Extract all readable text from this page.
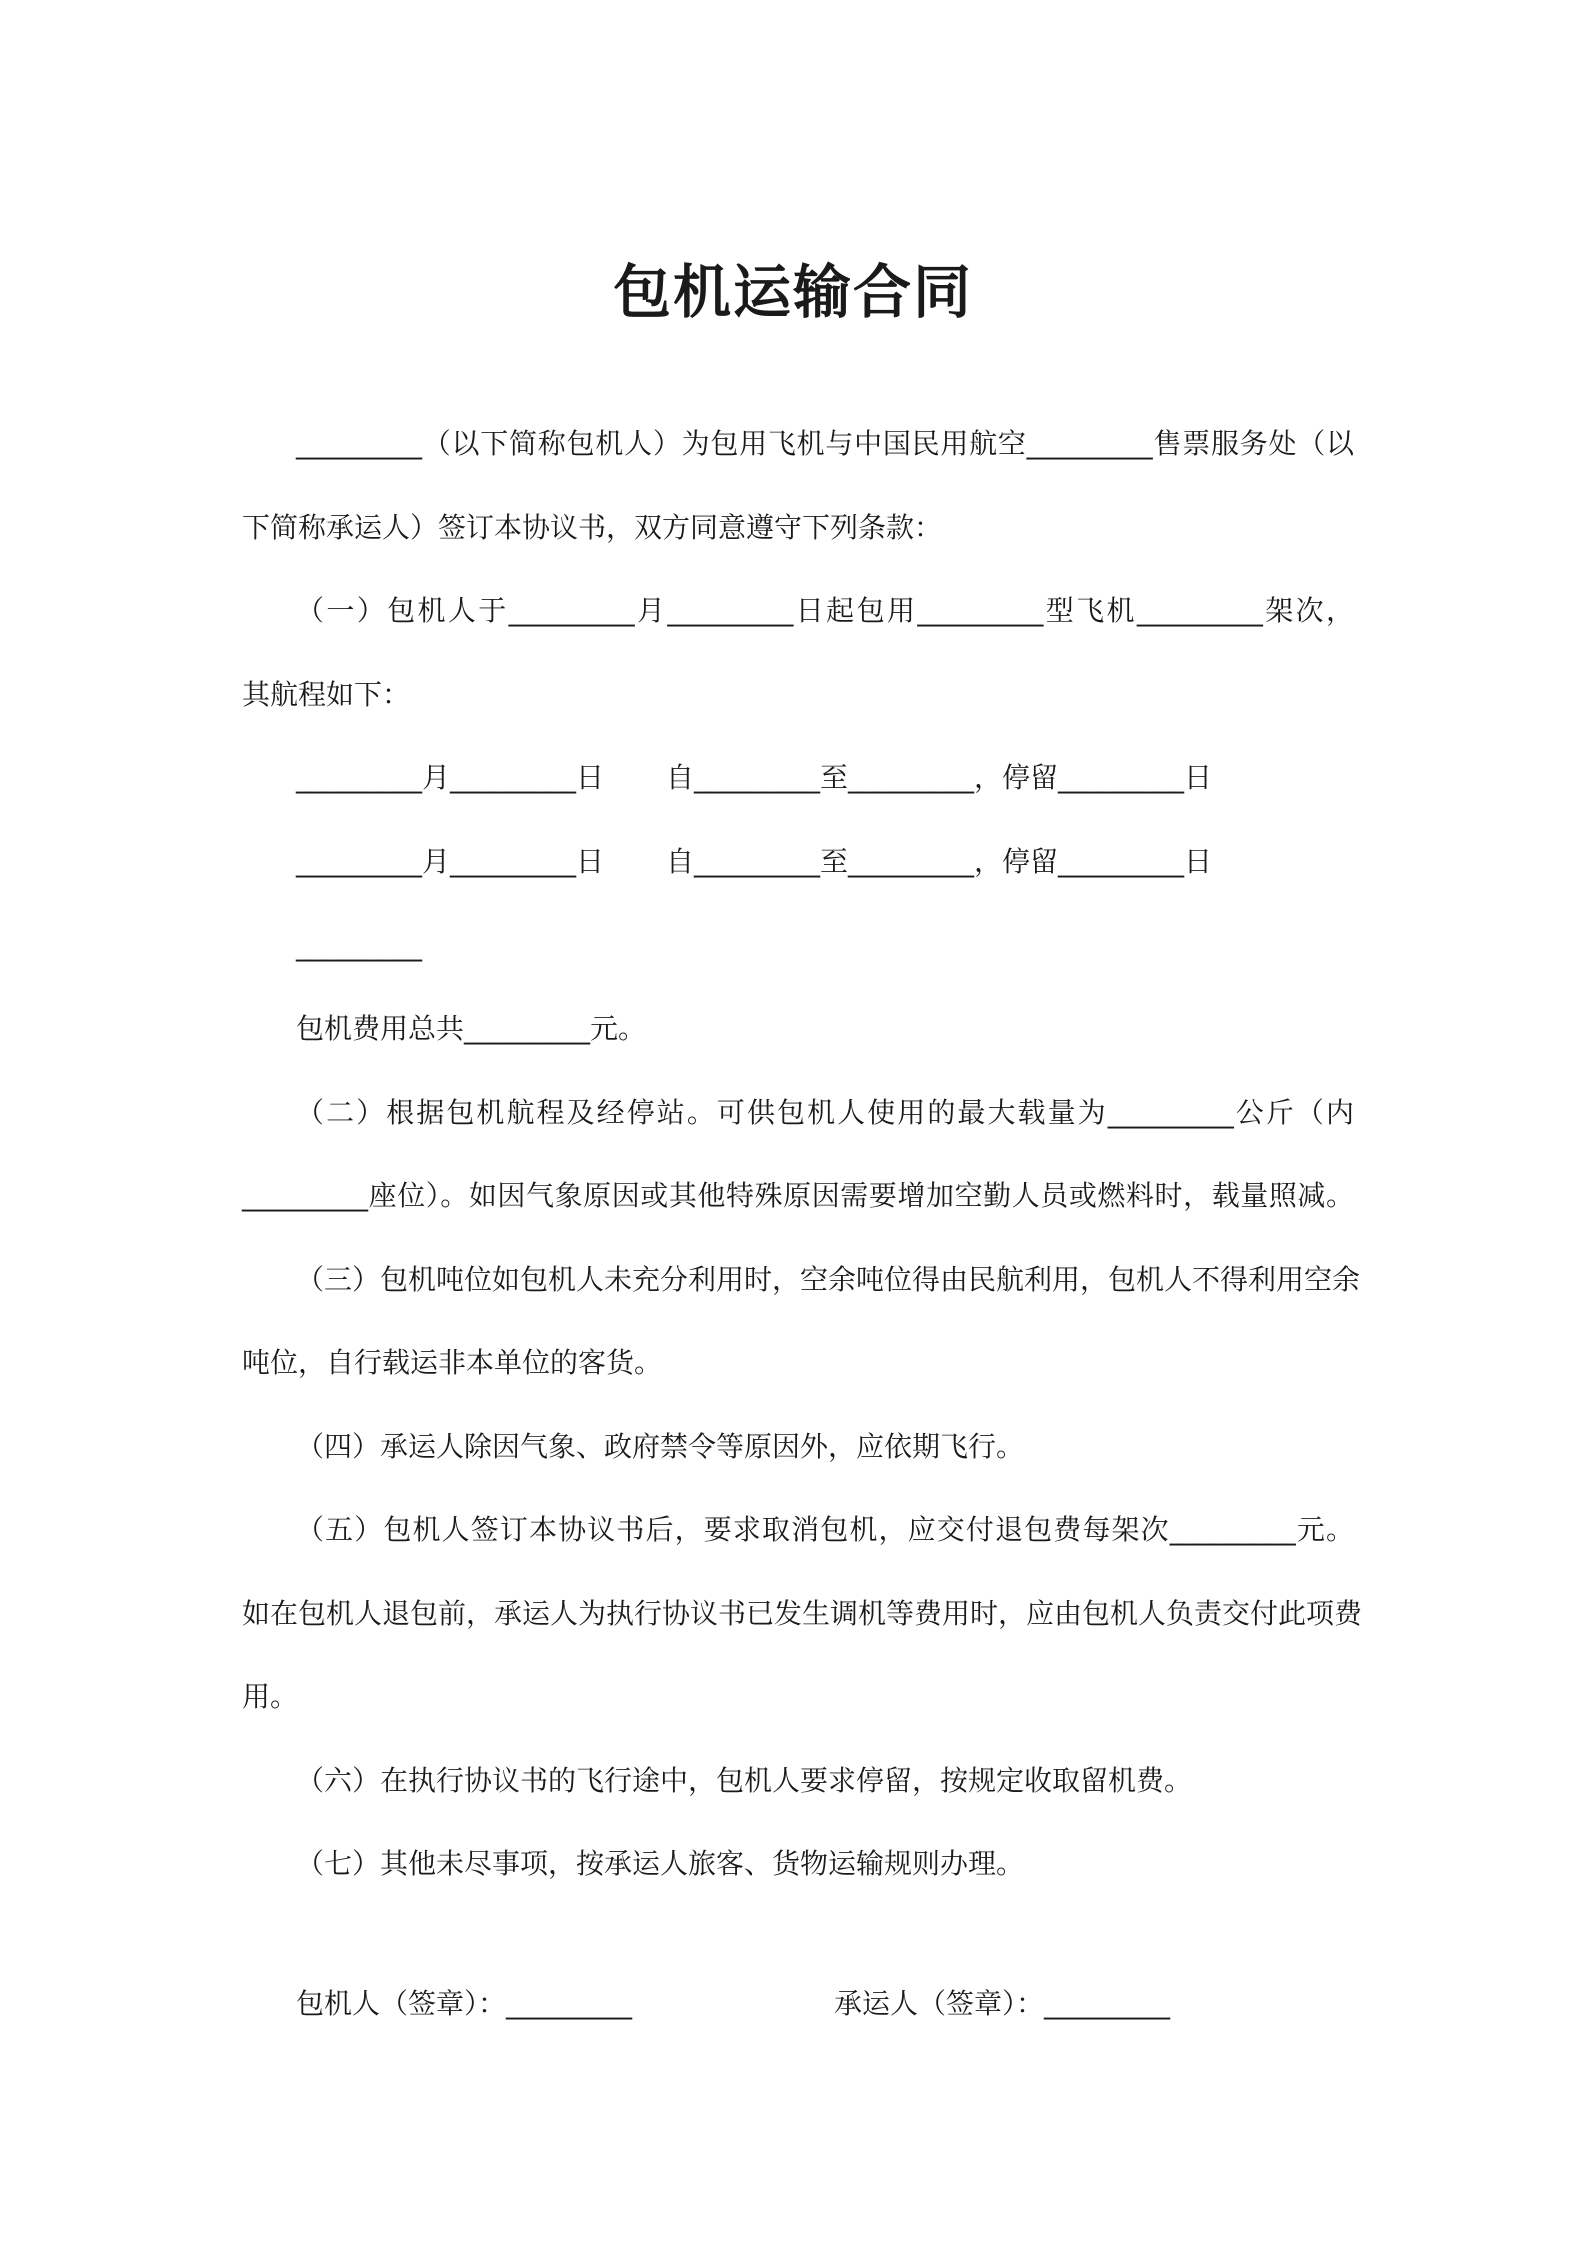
包机运输合同

_________（以下简称包机人）为包用飞机与中国民用航空_________售票服务处（以

下简称承运人）签订本协议书，双方同意遵守下列条款：

（一）包机人于_________月_________日起包用_________型飞机_________架次，

其航程如下：

_________月_________日 自_________至_________，停留_________日
_________月_________日 自_________至_________，停留_________日

_________

包机费用总共_________元。

（二）根据包机航程及经停站。可供包机人使用的最大载量为_________公斤（内

_________座位）。如因气象原因或其他特殊原因需要增加空勤人员或燃料时，载量照减。

（三）包机吨位如包机人未充分利用时，空余吨位得由民航利用，包机人不得利用空余

吨位，自行载运非本单位的客货。

（四）承运人除因气象、政府禁令等原因外，应依期飞行。

（五）包机人签订本协议书后，要求取消包机，应交付退包费每架次_________元。

如在包机人退包前，承运人为执行协议书已发生调机等费用时，应由包机人负责交付此项费

用。

（六）在执行协议书的飞行途中，包机人要求停留，按规定收取留机费。

（七）其他未尽事项，按承运人旅客、货物运输规则办理。

包机人（签章）：_________	承运人（签章）：_________
